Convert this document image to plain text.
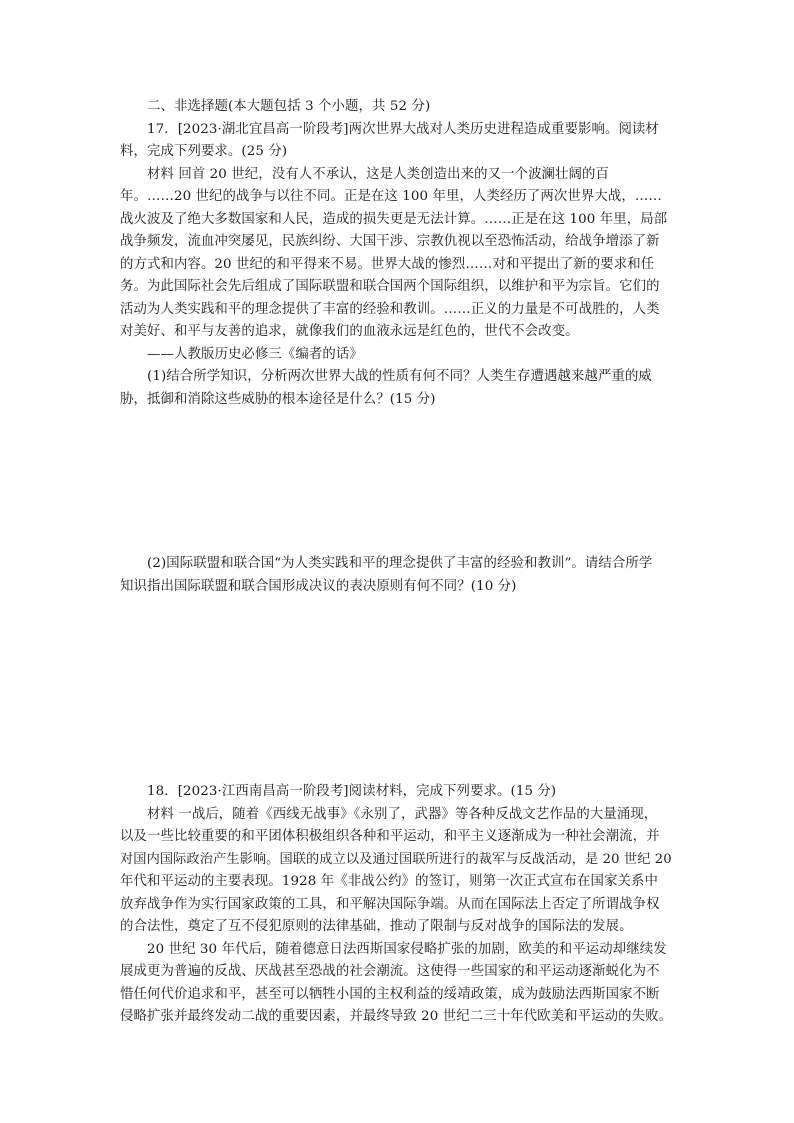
二、非选择题(本大题包括 3 个小题，共 52 分)
17．[2023·湖北宜昌高一阶段考]两次世界大战对人类历史进程造成重要影响。阅读材
料，完成下列要求。(25 分)
材料 回首 20 世纪，没有人不承认，这是人类创造出来的又一个波澜壮阔的百
年。……20 世纪的战争与以往不同。正是在这 100 年里，人类经历了两次世界大战，……
战火波及了绝大多数国家和人民，造成的损失更是无法计算。……正是在这 100 年里，局部
战争频发，流血冲突屡见，民族纠纷、大国干涉、宗教仇视以至恐怖活动，给战争增添了新
的方式和内容。20 世纪的和平得来不易。世界大战的惨烈……对和平提出了新的要求和任
务。为此国际社会先后组成了国际联盟和联合国两个国际组织，以维护和平为宗旨。它们的
活动为人类实践和平的理念提供了丰富的经验和教训。……正义的力量是不可战胜的，人类
对美好、和平与友善的追求，就像我们的血液永远是红色的，世代不会改变。
——人教版历史必修三《编者的话》
(1)结合所学知识，分析两次世界大战的性质有何不同？人类生存遭遇越来越严重的威
胁，抵御和消除这些威胁的根本途径是什么？(15 分)
(2)国际联盟和联合国“为人类实践和平的理念提供了丰富的经验和教训”。请结合所学
知识指出国际联盟和联合国形成决议的表决原则有何不同？(10 分)
18．[2023·江西南昌高一阶段考]阅读材料，完成下列要求。(15 分)
材料 一战后，随着《西线无战事》《永别了，武器》等各种反战文艺作品的大量涌现，
以及一些比较重要的和平团体积极组织各种和平运动，和平主义逐渐成为一种社会潮流，并
对国内国际政治产生影响。国联的成立以及通过国联所进行的裁军与反战活动，是 20 世纪 20
年代和平运动的主要表现。1928 年《非战公约》的签订，则第一次正式宣布在国家关系中
放弃战争作为实行国家政策的工具，和平解决国际争端。从而在国际法上否定了所谓战争权
的合法性，奠定了互不侵犯原则的法律基础，推动了限制与反对战争的国际法的发展。
20 世纪 30 年代后，随着德意日法西斯国家侵略扩张的加剧，欧美的和平运动却继续发
展成更为普遍的反战、厌战甚至恐战的社会潮流。这使得一些国家的和平运动逐渐蜕化为不
惜任何代价追求和平，甚至可以牺牲小国的主权利益的绥靖政策，成为鼓励法西斯国家不断
侵略扩张并最终发动二战的重要因素，并最终导致 20 世纪二三十年代欧美和平运动的失败。
